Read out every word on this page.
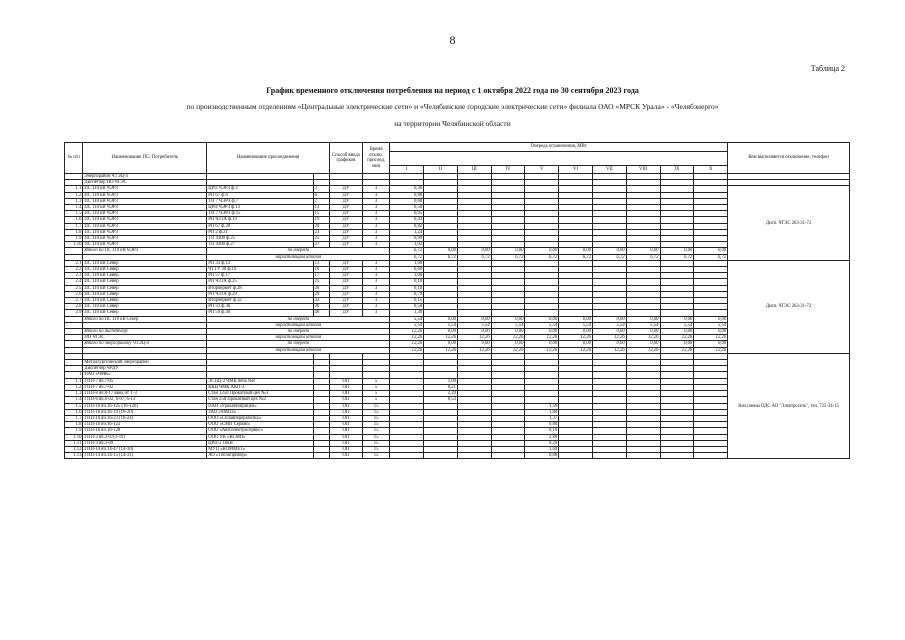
8
Таблица 2
График временного отключения потребления на период с 1 октября 2022 года по 30 сентября 2023 года
по производственным отделениям «Центральные электрические сети» и «Челябинские городские электрические сети» филиала ОАО «МРСК Урала» - «Челябэнерго»
на территории Челябинской области
№ п/п	Наименование ПС/ Потребитель	Наименование присоединения		Способ ввода графиков	Время отклю. присоед, мин	Очередь ограничения, МВт										Кем выполняется отключение, телефон

						I	II	III	IV	V	VI	VII	VIII	IX	X	
	Энергорайон ЧТЭЦ-4															
	Диспетчер ПО ЧГЭС															
1.1	ПС 110 кВ ЧЭРЗ	ЦРП ЧЭРЗ ф.3	3	ДУ	3	0,36										Дисп. ЧГЭС 263-31-72
1.2	ПС 110 кВ ЧЭРЗ	РП 67 ф.6	6	ДУ	3	0,80										
1.3	ПС 110 кВ ЧЭРЗ	ТП 7 ЧЭРЗ ф.7	7	ДУ	3	0,60										
1.4	ПС 110 кВ ЧЭРЗ	ЦРП ЧЭРЗ ф.13	13	ДУ	3	0,50										
1.5	ПС 110 кВ ЧЭРЗ	ТП 7 ЧЭРЗ ф.15	15	ДУ	3	0,05										
1.6	ПС 110 кВ ЧЭРЗ	РП ЧЗТА ф.19	19	ДУ	3	0,43										
1.7	ПС 110 кВ ЧЭРЗ	РП 67 ф.20	20	ДУ	3	0,82										
1.8	ПС 110 кВ ЧЭРЗ	РП 2 ф.21	21	ДУ	3	1,24										
1.9	ПС 110 кВ ЧЭРЗ	ТП 4300 ф.25	25	ДУ	3	0,90										
1.10	ПС 110 кВ ЧЭРЗ	ТП 4300 ф.27	27	ДУ	3	1,02										
	Итого по ПС 110 кВ ЧЭРЗ	по очереди				6,72	0,00	0,00	0,00	0,00	0,00	0,00	0,00	0,00	0,00	
		нарастающим итогом				6,72	6,72	6,72	6,72	6,72	6,72	6,72	6,72	6,72	6,72	
2.1	ПС 110 кВ Север	РП 33 ф.13	13	ДУ	3	1,00										Дисп. ЧГЭС 263-31-72
2.2	ПС 110 кВ Север	ЧТТУ 30 ф.16	16	ДУ	3	0,60										
2.3	ПС 110 кВ Север	РП 57 ф.17	17	ДУ	3	1,00										
2.4	ПС 110 кВ Север	РП ЧЗТА ф.25	25	ДУ	3	0,10										
2.5	ПС 110 кВ Север	Вторчермет ф.28	28	ДУ	3	0,10										
2.6	ПС 110 кВ Север	РП ЧЗТА ф.29	29	ДУ	3	0,79										
2.7	ПС 110 кВ Север	Вторчермет ф.32	32	ДУ	3	0,15										
2.8	ПС 110 кВ Север	РП 33 ф.36	36	ДУ	3	0,50										
2.9	ПС 110 кВ Север	РП 59 ф.40	40	ДУ	3	1,30										
	Итого по ПС 110 кВ Север	по очереди				5,54	0,00	0,00	0,00	0,00	0,00	0,00	0,00	0,00	0,00	
		нарастающим итогом				5,54	5,54	5,54	5,54	5,54	5,54	5,54	5,54	5,54	5,54	
	Итого по диспетчеру	по очереди				12,26	0,00	0,00	0,00	0,00	0,00	0,00	0,00	0,00	0,00	
	ПО ЧГЭС	нарастающим итогом				12,26	12,26	12,26	12,26	12,26	12,26	12,26	12,26	12,26	12,26	
	Итого по энергорайону ЧТЭЦ-4	по очереди				12,26	0,00	0,00	0,00	0,00	0,00	0,00	0,00	0,00	0,00	
		нарастающим итогом				12,26	12,26	12,26	12,26	12,26	12,26	12,26	12,26	12,26	12,26	
																Нач.смены ОДС АО "Электросеть", тел. 725-34-15
	Металлургический энергорайон															
	Диспетчер ЧРДУ															
1	ПАО «ЧМК»															
1.1	ГПП-7 яч.7-05	ЭСПЦ-2 ЧМК печь №8		ОП	5		1,00									
1.2	ГПП-7 яч.7-02	ККЦ ЧМК АКП-3		ОП	5		8,21									
1.3	ГПП-8 яч.8-17 ввод от Т-3	Стан 1250 Прокатный цех №3		ОП	5		2,20									
1.4	ГПП-6 яч.6-02, 6-07, 6-13	Стан 250 Прокатный цех №2		ОП	5		8,53									
1.5	ГПП-16 яч.16-125 (16-126)	ПАО «Уралавтоприцеп»		ОП	15					1,50						
1.6	ГПП-16 яч.16-19 (16-20)	ЗАО «ЧМПЗ»		ОП	15					1,80						
1.7	ГПП-16 яч.16-23 (16-24)	ООО «Сплавпереработка»		ОП	15					1,37						
1.8	ГПП-16 яч.16-123	ООО «СМП Сервис»		ОП	15					0,80						
1.9	ГПП-16 яч.16-128	ООО «Автоэлектросервис»		ОП	15					0,10						
1.10	ГПП-3 яч.3-07(3-19)	ООО УК «КСМП»		ОП	15					2,80						
1.11	ГПП-3 яч.3-09	ЦРП-2 10кВ		ОП	15					0,20						
1.12	ГПП-14 яч.14-47 (14-10)	МУП «КОММЕТ»		ОП	15					1,69						
1.13	ГПП-14 яч.14-15 (14-31)	АО «Теплоприбор»		ОП	15					0,80						
